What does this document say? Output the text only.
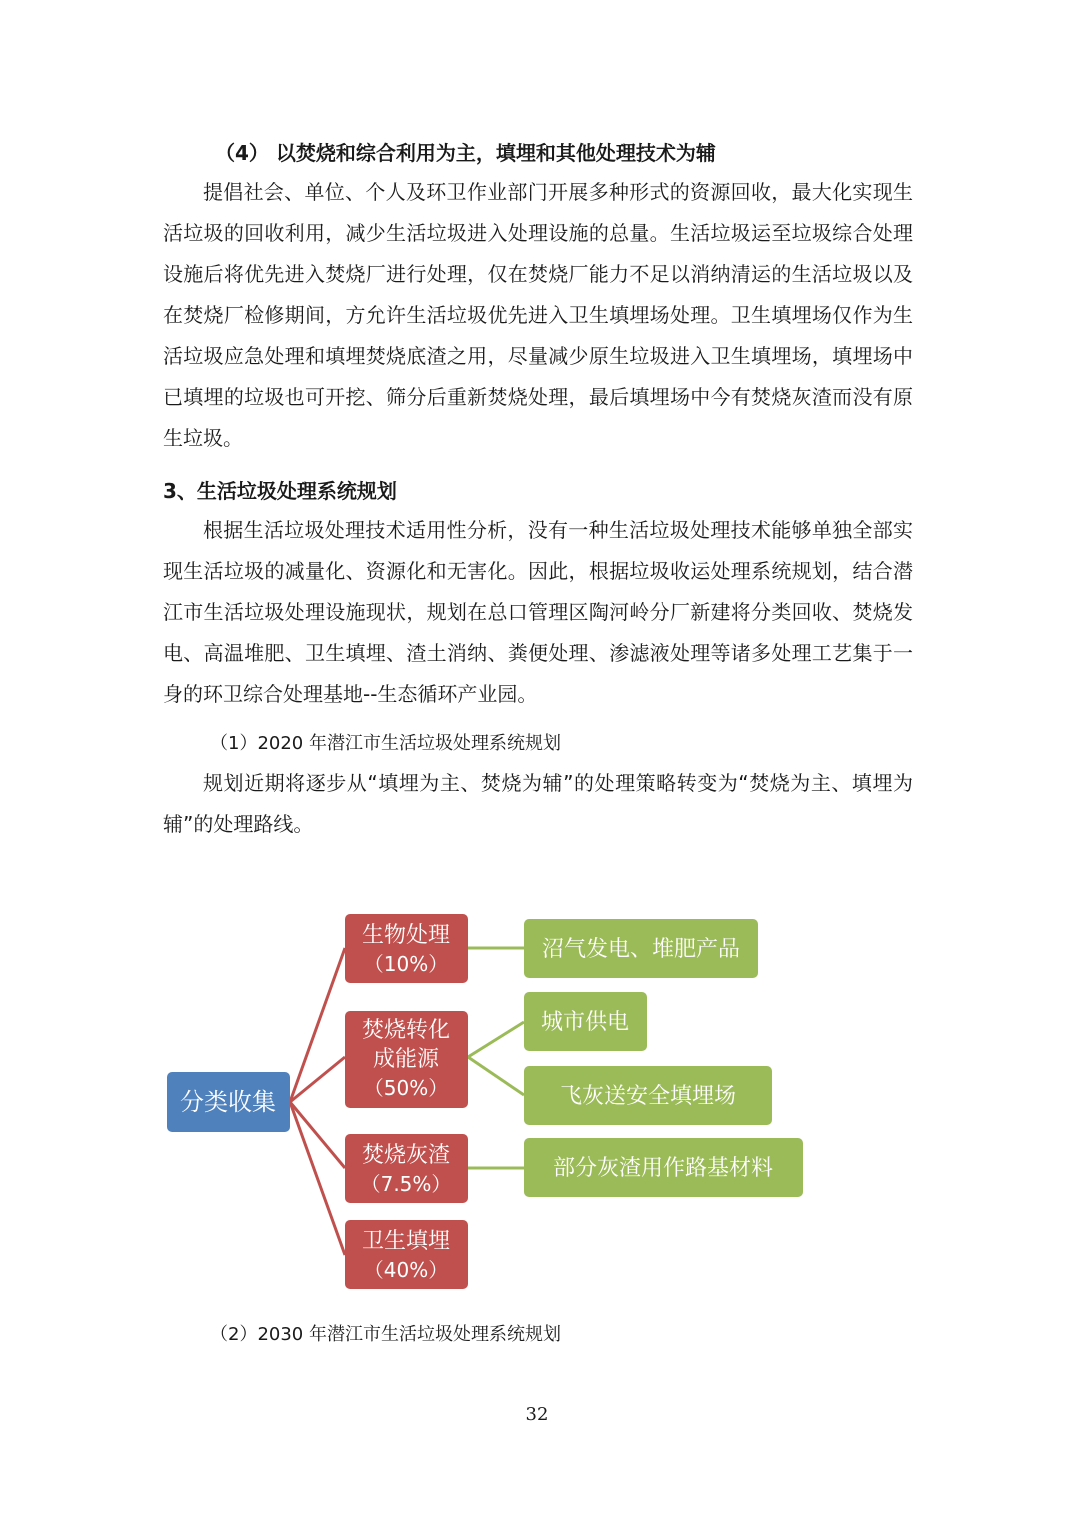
（4） 以焚烧和综合利用为主，填埋和其他处理技术为辅

提倡社会、单位、个人及环卫作业部门开展多种形式的资源回收，最大化实现生活垃圾的回收利用，减少生活垃圾进入处理设施的总量。生活垃圾运至垃圾综合处理设施后将优先进入焚烧厂进行处理，仅在焚烧厂能力不足以消纳清运的生活垃圾以及在焚烧厂检修期间，方允许生活垃圾优先进入卫生填埋场处理。卫生填埋场仅作为生活垃圾应急处理和填埋焚烧底渣之用，尽量减少原生垃圾进入卫生填埋场，填埋场中已填埋的垃圾也可开挖、筛分后重新焚烧处理，最后填埋场中今有焚烧灰渣而没有原生垃圾。

3、生活垃圾处理系统规划

根据生活垃圾处理技术适用性分析，没有一种生活垃圾处理技术能够单独全部实现生活垃圾的减量化、资源化和无害化。因此，根据垃圾收运处理系统规划，结合潜江市生活垃圾处理设施现状，规划在总口管理区陶河岭分厂新建将分类回收、焚烧发电、高温堆肥、卫生填埋、渣土消纳、粪便处理、渗滤液处理等诸多处理工艺集于一身的环卫综合处理基地--生态循环产业园。

（1）2020 年潜江市生活垃圾处理系统规划

规划近期将逐步从“填埋为主、焚烧为辅”的处理策略转变为“焚烧为主、填埋为辅”的处理路线。

分类收集
生物处理
（10%）
焚烧转化
成能源
（50%）
焚烧灰渣
（7.5%）
卫生填埋
（40%）
沼气发电、堆肥产品
城市供电
飞灰送安全填埋场
部分灰渣用作路基材料
（2）2030 年潜江市生活垃圾处理系统规划
32
